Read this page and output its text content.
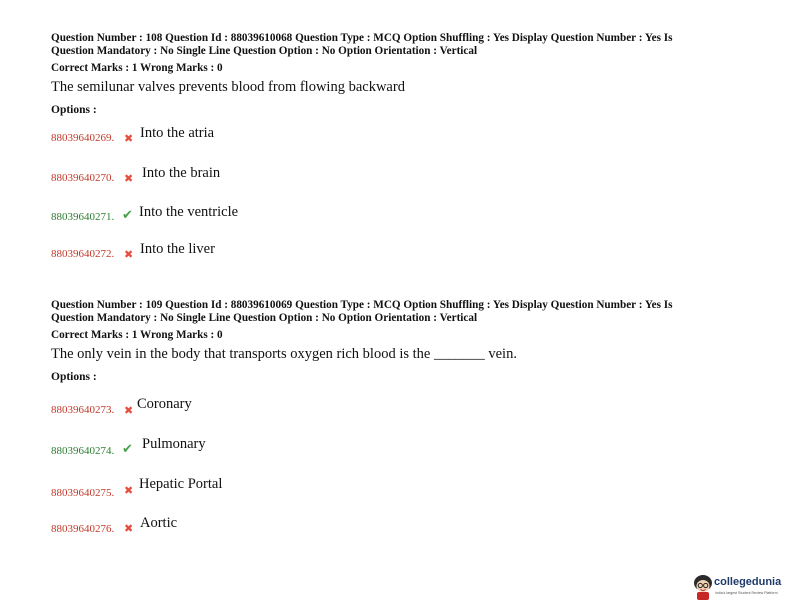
Question Number : 108 Question Id : 88039610068 Question Type : MCQ Option Shuffling : Yes Display Question Number : Yes Is
Question Mandatory : No Single Line Question Option : No Option Orientation : Vertical
Correct Marks : 1 Wrong Marks : 0
The semilunar valves prevents blood from flowing backward
Options :
88039640269. ✖ Into the atria
88039640270. ✖ Into the brain
88039640271. ✔ Into the ventricle
88039640272. ✖ Into the liver
Question Number : 109 Question Id : 88039610069 Question Type : MCQ Option Shuffling : Yes Display Question Number : Yes Is
Question Mandatory : No Single Line Question Option : No Option Orientation : Vertical
Correct Marks : 1 Wrong Marks : 0
The only vein in the body that transports oxygen rich blood is the _______ vein.
Options :
88039640273. ✖ Coronary
88039640274. ✔ Pulmonary
88039640275. ✖ Hepatic Portal
88039640276. ✖ Aortic
collegedunia
India's largest Student Review Platform
